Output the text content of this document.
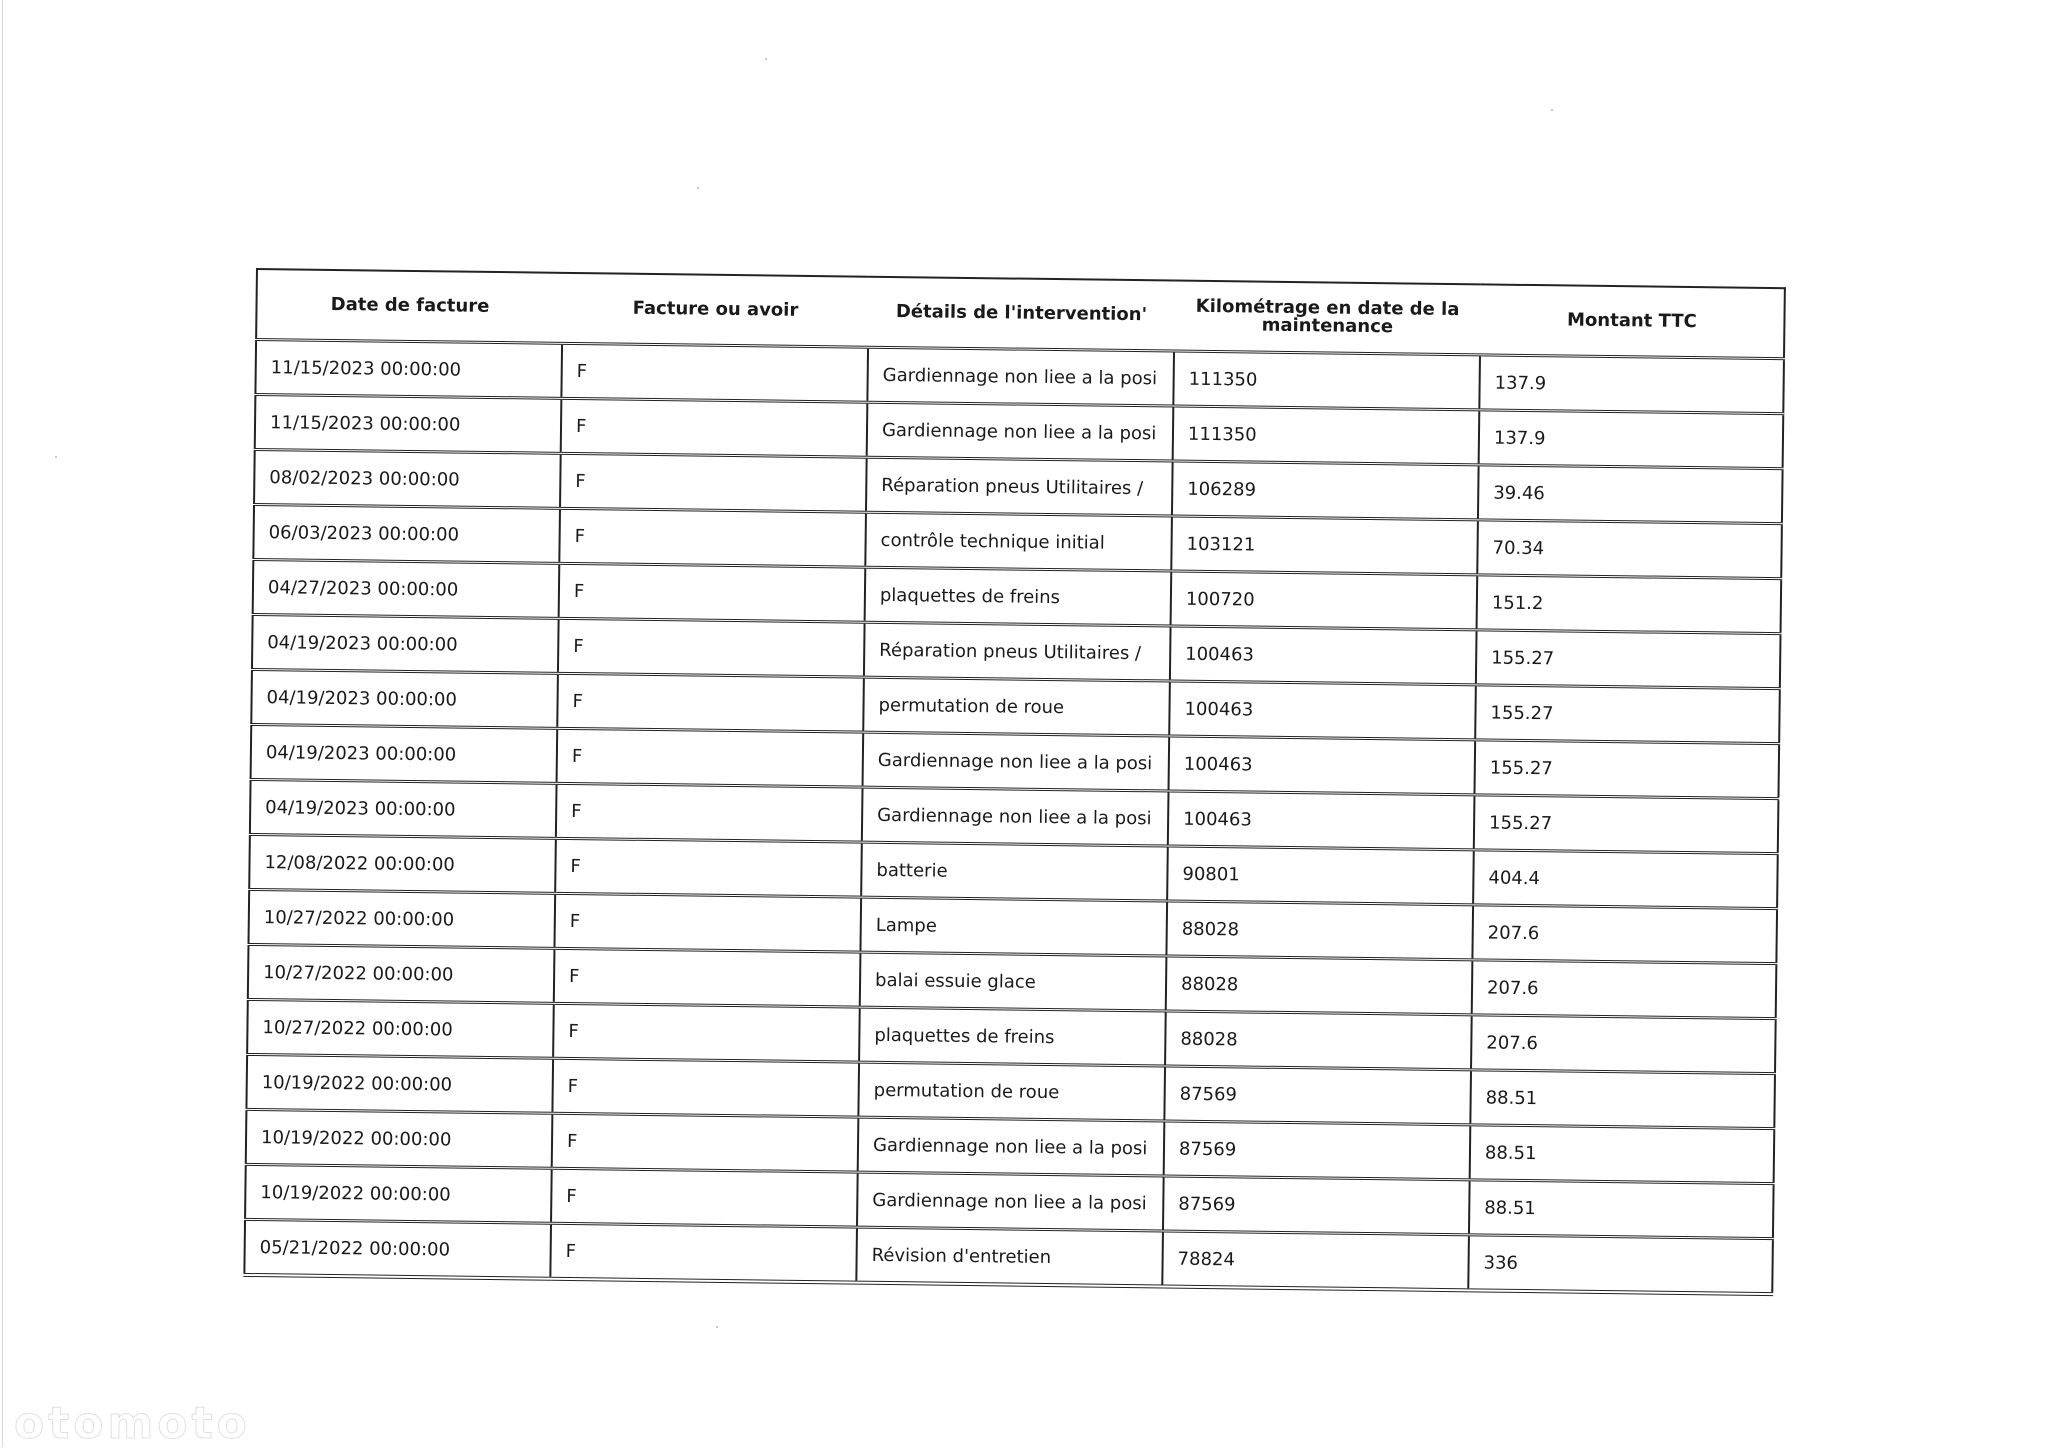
Date de facture	Facture ou avoir	Détails de l'intervention'	Kilométrage en date de la maintenance	Montant TTC
11/15/2023 00:00:00	F	Gardiennage non liee a la posi	111350	137.9
11/15/2023 00:00:00	F	Gardiennage non liee a la posi	111350	137.9
08/02/2023 00:00:00	F	Réparation pneus Utilitaires /	106289	39.46
06/03/2023 00:00:00	F	contrôle technique initial	103121	70.34
04/27/2023 00:00:00	F	plaquettes de freins	100720	151.2
04/19/2023 00:00:00	F	Réparation pneus Utilitaires /	100463	155.27
04/19/2023 00:00:00	F	permutation de roue	100463	155.27
04/19/2023 00:00:00	F	Gardiennage non liee a la posi	100463	155.27
04/19/2023 00:00:00	F	Gardiennage non liee a la posi	100463	155.27
12/08/2022 00:00:00	F	batterie	90801	404.4
10/27/2022 00:00:00	F	Lampe	88028	207.6
10/27/2022 00:00:00	F	balai essuie glace	88028	207.6
10/27/2022 00:00:00	F	plaquettes de freins	88028	207.6
10/19/2022 00:00:00	F	permutation de roue	87569	88.51
10/19/2022 00:00:00	F	Gardiennage non liee a la posi	87569	88.51
10/19/2022 00:00:00	F	Gardiennage non liee a la posi	87569	88.51
05/21/2022 00:00:00	F	Révision d'entretien	78824	336
otomoto
